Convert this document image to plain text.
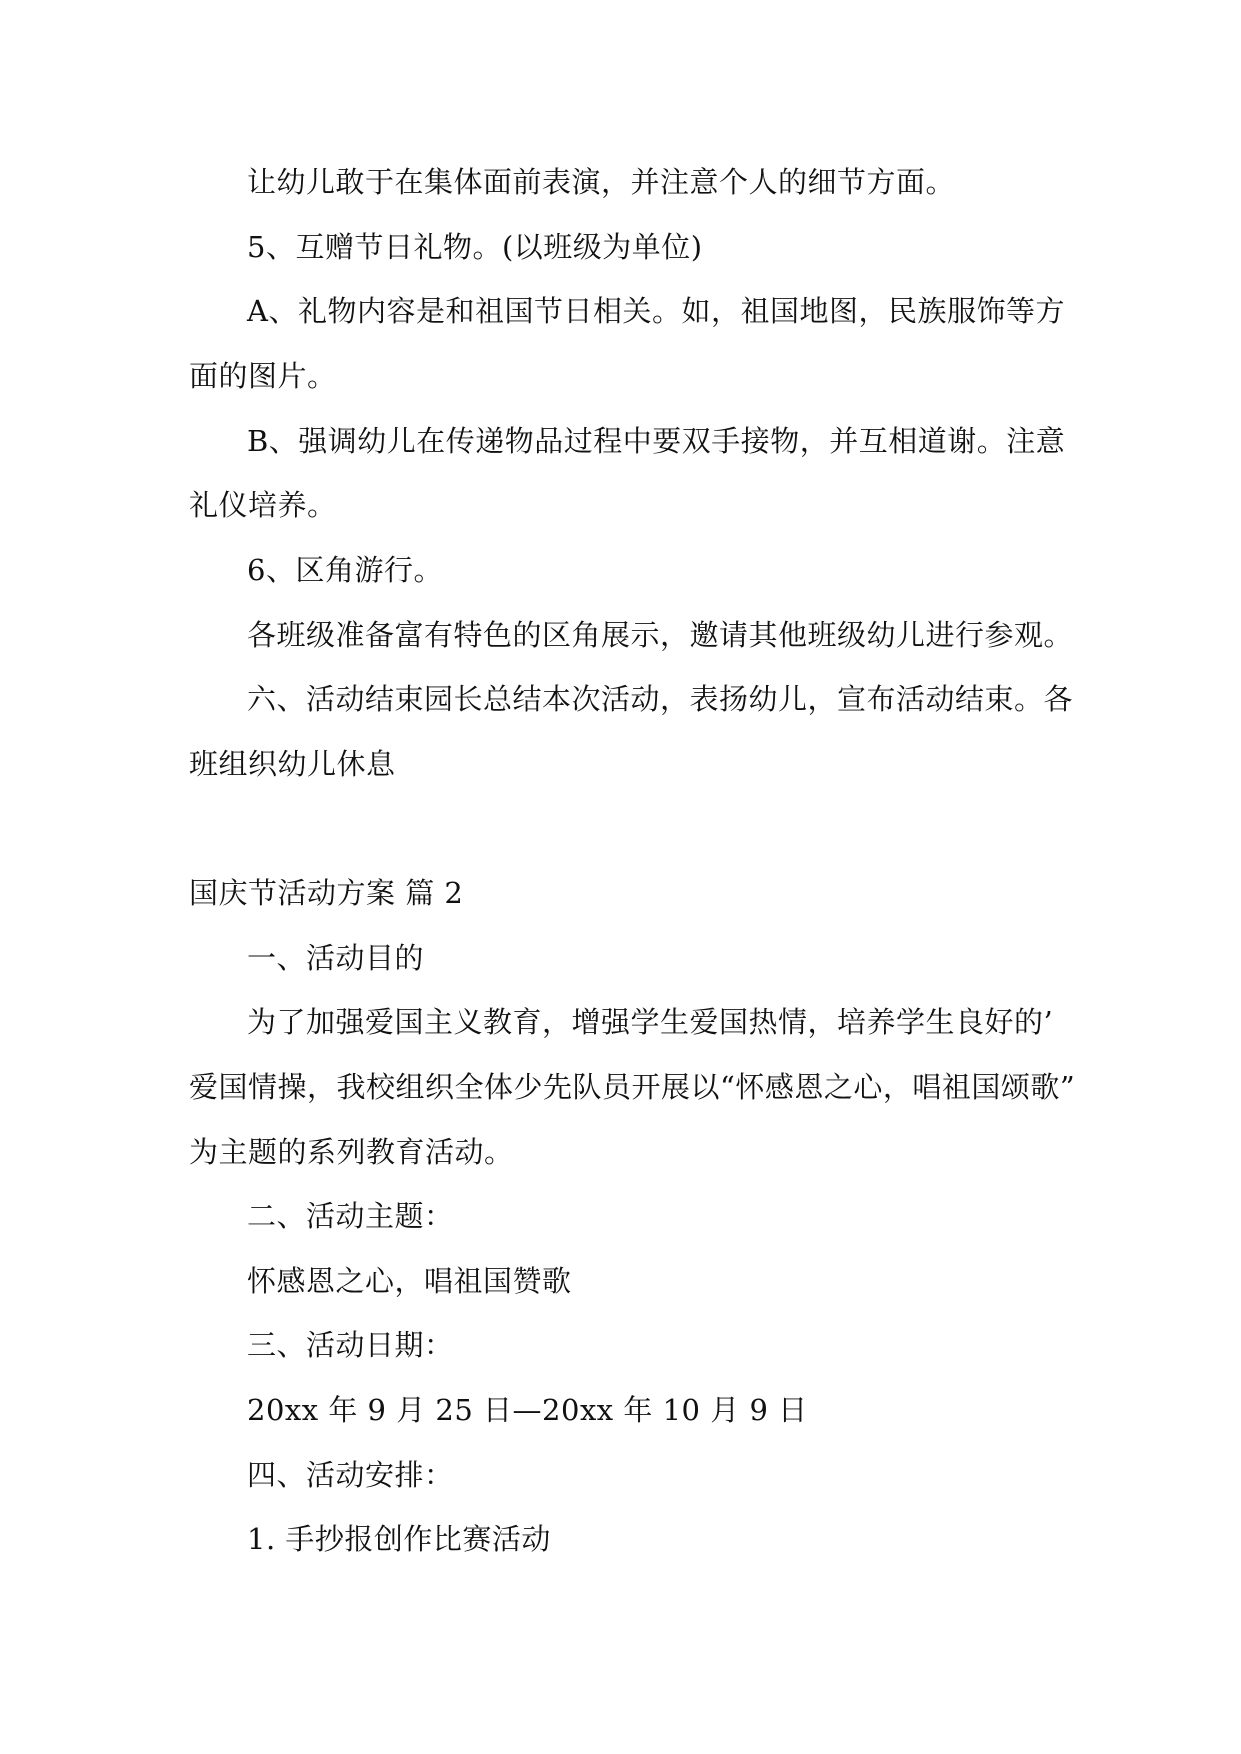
让幼儿敢于在集体面前表演，并注意个人的细节方面。
5、互赠节日礼物。(以班级为单位)
A、礼物内容是和祖国节日相关。如，祖国地图，民族服饰等方
面的图片。
B、强调幼儿在传递物品过程中要双手接物，并互相道谢。注意
礼仪培养。
6、区角游行。
各班级准备富有特色的区角展示，邀请其他班级幼儿进行参观。
六、活动结束园长总结本次活动，表扬幼儿，宣布活动结束。各
班组织幼儿休息
国庆节活动方案 篇 2
一、活动目的
为了加强爱国主义教育，增强学生爱国热情，培养学生良好的’
爱国情操，我校组织全体少先队员开展以“怀感恩之心，唱祖国颂歌”
为主题的系列教育活动。
二、活动主题：
怀感恩之心，唱祖国赞歌
三、活动日期：
20xx 年 9 月 25 日—20xx 年 10 月 9 日
四、活动安排：
1. 手抄报创作比赛活动
